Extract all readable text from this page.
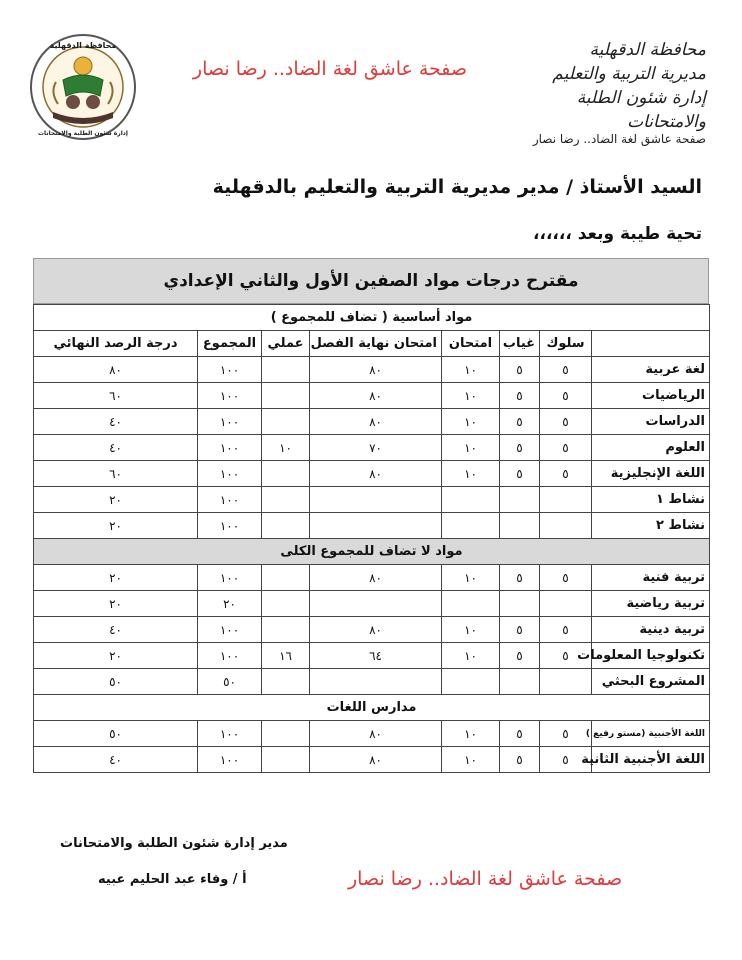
محافظة الدقهلية
إدارة شئون الطلبة والامتحانات
صفحة عاشق لغة الضاد.. رضا نصار
محافظة الدقهلية
مديرية التربية والتعليم
إدارة شئون الطلبة والامتحانات
صفحة عاشق لغة الضاد.. رضا نصار
السيد الأستاذ / مدير مديرية التربية والتعليم بالدقهلية
تحية طيبة وبعد ،،،،،،
مقترح درجات مواد الصفين الأول والثاني الإعدادي
مواد أساسية ( تضاف للمجموع )							
	سلوك	غياب	امتحان	امتحان نهاية الفصل	عملي	المجموع	درجة الرصد النهائي
لغة عربية	٥	٥	١٠	٨٠		١٠٠	٨٠
الرياضيات	٥	٥	١٠	٨٠		١٠٠	٦٠
الدراسات	٥	٥	١٠	٨٠		١٠٠	٤٠
العلوم	٥	٥	١٠	٧٠	١٠	١٠٠	٤٠
اللغة الإنجليزية	٥	٥	١٠	٨٠		١٠٠	٦٠
نشاط ١						١٠٠	٢٠
نشاط ٢						١٠٠	٢٠
مواد لا تضاف للمجموع الكلى							
تربية فنية	٥	٥	١٠	٨٠		١٠٠	٢٠
تربية رياضية						٢٠	٢٠
تربية دينية	٥	٥	١٠	٨٠		١٠٠	٤٠
تكنولوجيا المعلومات	٥	٥	١٠	٦٤	١٦	١٠٠	٢٠
المشروع البحثي						٥٠	٥٠
مدارس اللغات							
اللغة الأجنبية (مستو رفيع )	٥	٥	١٠	٨٠		١٠٠	٥٠
اللغة الأجنبية الثانية	٥	٥	١٠	٨٠		١٠٠	٤٠
مدير إدارة شئون الطلبة والامتحانات
أ / وفاء عبد الحليم عبيه	صفحة عاشق لغة الضاد.. رضا نصار
